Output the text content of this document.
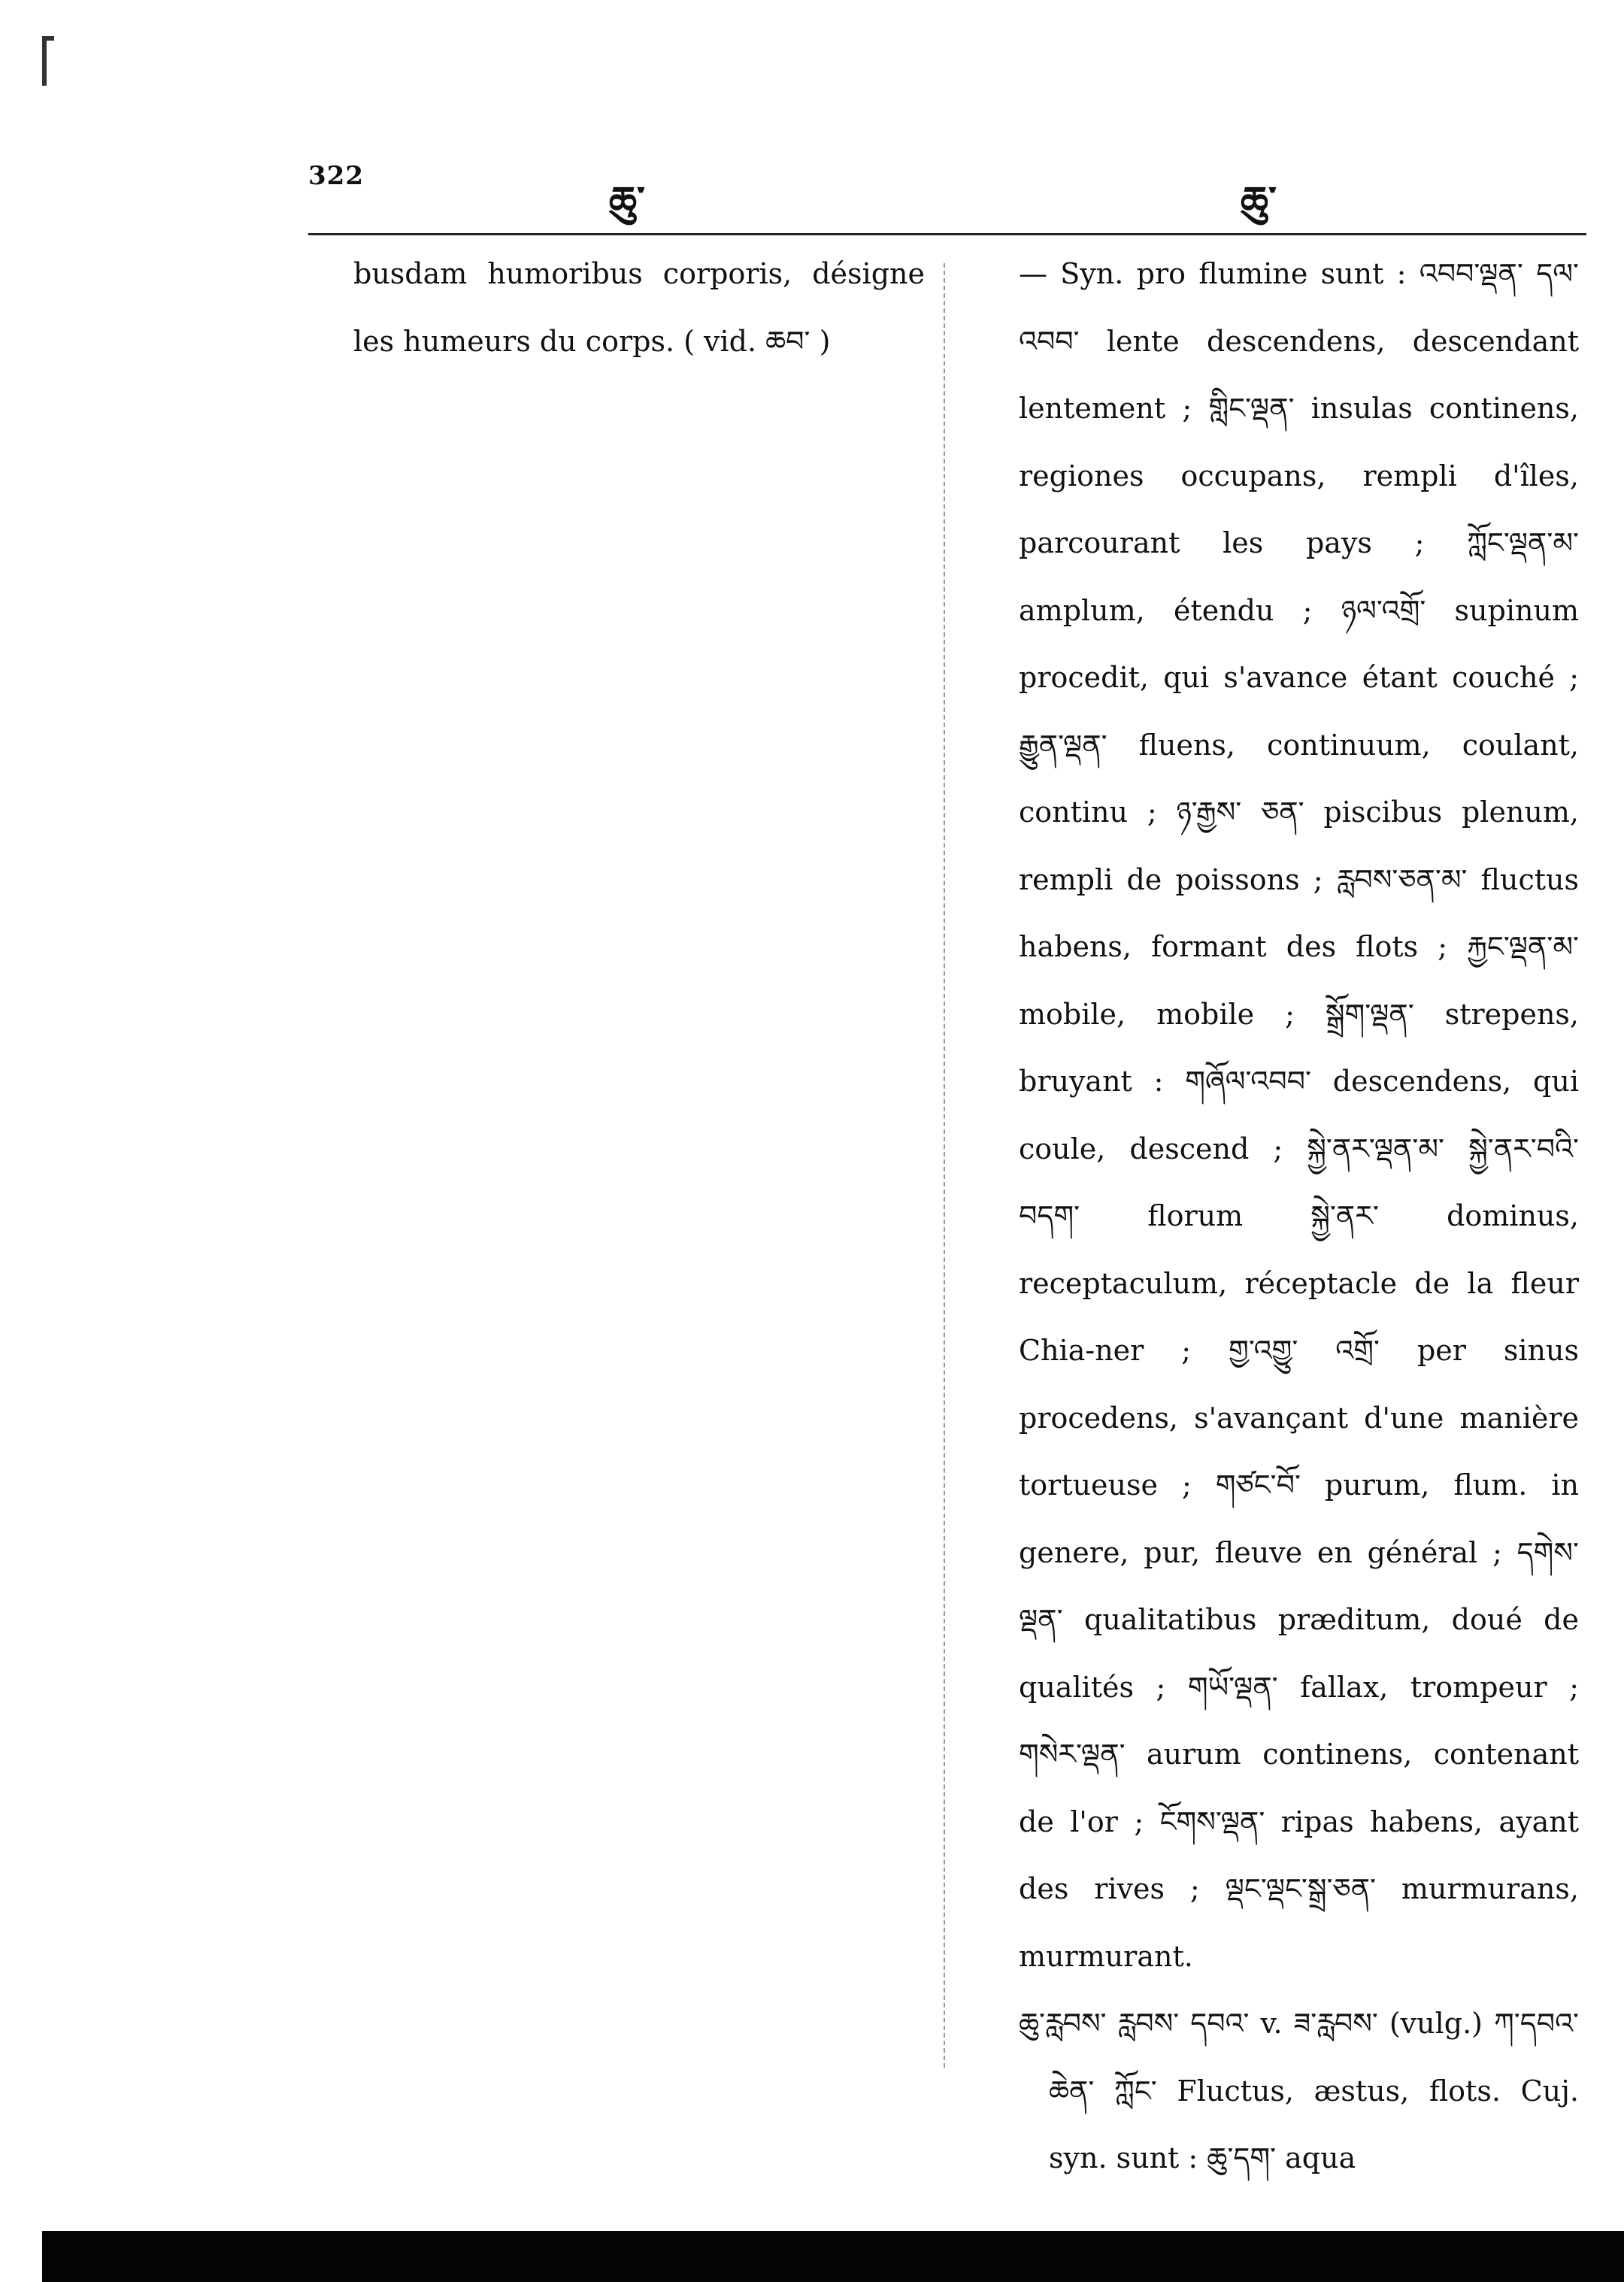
322
ཆུ་	ཆུ་

busdam humoribus corporis, désigne les humeurs du corps. ( vid. ཆབ་ )

— Syn. pro flumine sunt : འབབ་ལྡན་ དལ་འབབ་ lente descendens, descendant lentement ; གླིང་ལྡན་ insulas continens, regiones occupans, rempli d'îles, parcourant les pays ; ཀློང་ལྡན་མ་ amplum, étendu ; ཉལ་འགྲོ་ supinum procedit, qui s'avance étant couché ; རྒྱུན་ལྡན་ fluens, continuum, coulant, continu ; ཉ་རྒྱས་ ཅན་ piscibus plenum, rempli de poissons ; རླབས་ཅན་མ་ fluctus habens, formant des flots ; རྐྱང་ལྡན་མ་ mobile, mobile ; སྒྲོག་ལྡན་ strepens, bruyant : གཞོལ་འབབ་ descendens, qui coule, descend ; སྐྱེ་ནར་ལྡན་མ་ སྐྱེ་ནར་བའི་བདག་ florum སྐྱེ་ནར་ dominus, receptaculum, réceptacle de la fleur Chia-ner ; གྱ་འགྱུ་ འགྲོ་ per sinus procedens, s'avançant d'une manière tortueuse ; གཙང་བོ་ purum, flum. in genere, pur, fleuve en général ; དགེས་ལྡན་ qualitatibus præditum, doué de qualités ; གཡོ་ལྡན་ fallax, trompeur ; གསེར་ལྡན་ aurum continens, contenant de l'or ; ངོགས་ལྡན་ ripas habens, ayant des rives ; ལྡང་ལྡང་སྒྲ་ཅན་ murmurans, murmurant.

ཆུ་རླབས་ རླབས་ དབའ་ v. ཟ་རླབས་ (vulg.) ཀ་དབའ་ཆེན་ ཀློང་ Fluctus, æstus, flots. Cuj. syn. sunt : ཆུ་དག་ aqua
